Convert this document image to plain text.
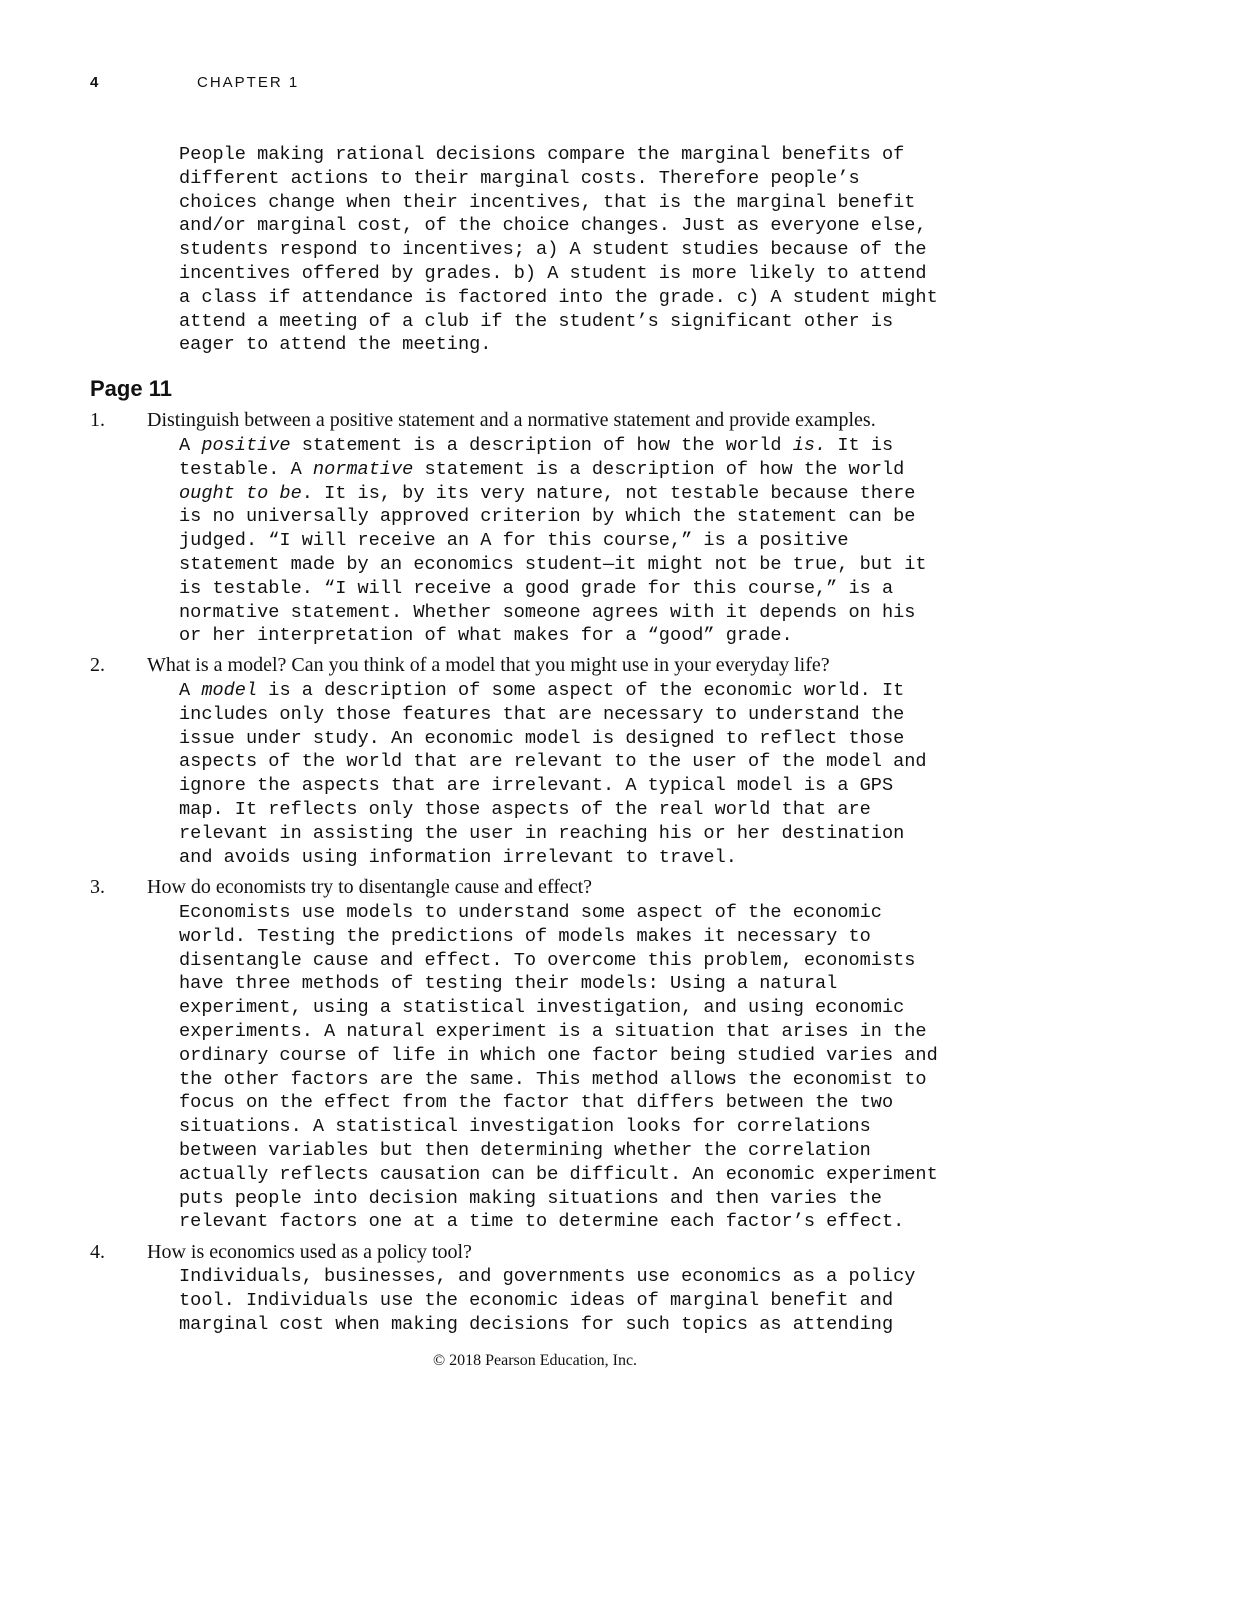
4	CHAPTER 1
People making rational decisions compare the marginal benefits of
different actions to their marginal costs. Therefore people’s
choices change when their incentives, that is the marginal benefit
and/or marginal cost, of the choice changes. Just as everyone else,
students respond to incentives; a) A student studies because of the
incentives offered by grades. b) A student is more likely to attend
a class if attendance is factored into the grade. c) A student might
attend a meeting of a club if the student’s significant other is
eager to attend the meeting.
Page 11
1. Distinguish between a positive statement and a normative statement and provide examples.
A positive statement is a description of how the world is. It is
testable. A normative statement is a description of how the world
ought to be. It is, by its very nature, not testable because there
is no universally approved criterion by which the statement can be
judged. “I will receive an A for this course,” is a positive
statement made by an economics student—it might not be true, but it
is testable. “I will receive a good grade for this course,” is a
normative statement. Whether someone agrees with it depends on his
or her interpretation of what makes for a “good” grade.
2. What is a model? Can you think of a model that you might use in your everyday life?
A model is a description of some aspect of the economic world. It
includes only those features that are necessary to understand the
issue under study. An economic model is designed to reflect those
aspects of the world that are relevant to the user of the model and
ignore the aspects that are irrelevant. A typical model is a GPS
map. It reflects only those aspects of the real world that are
relevant in assisting the user in reaching his or her destination
and avoids using information irrelevant to travel.
3. How do economists try to disentangle cause and effect?
Economists use models to understand some aspect of the economic
world. Testing the predictions of models makes it necessary to
disentangle cause and effect. To overcome this problem, economists
have three methods of testing their models: Using a natural
experiment, using a statistical investigation, and using economic
experiments. A natural experiment is a situation that arises in the
ordinary course of life in which one factor being studied varies and
the other factors are the same. This method allows the economist to
focus on the effect from the factor that differs between the two
situations. A statistical investigation looks for correlations
between variables but then determining whether the correlation
actually reflects causation can be difficult. An economic experiment
puts people into decision making situations and then varies the
relevant factors one at a time to determine each factor’s effect.
4. How is economics used as a policy tool?
Individuals, businesses, and governments use economics as a policy
tool. Individuals use the economic ideas of marginal benefit and
marginal cost when making decisions for such topics as attending
© 2018 Pearson Education, Inc.
